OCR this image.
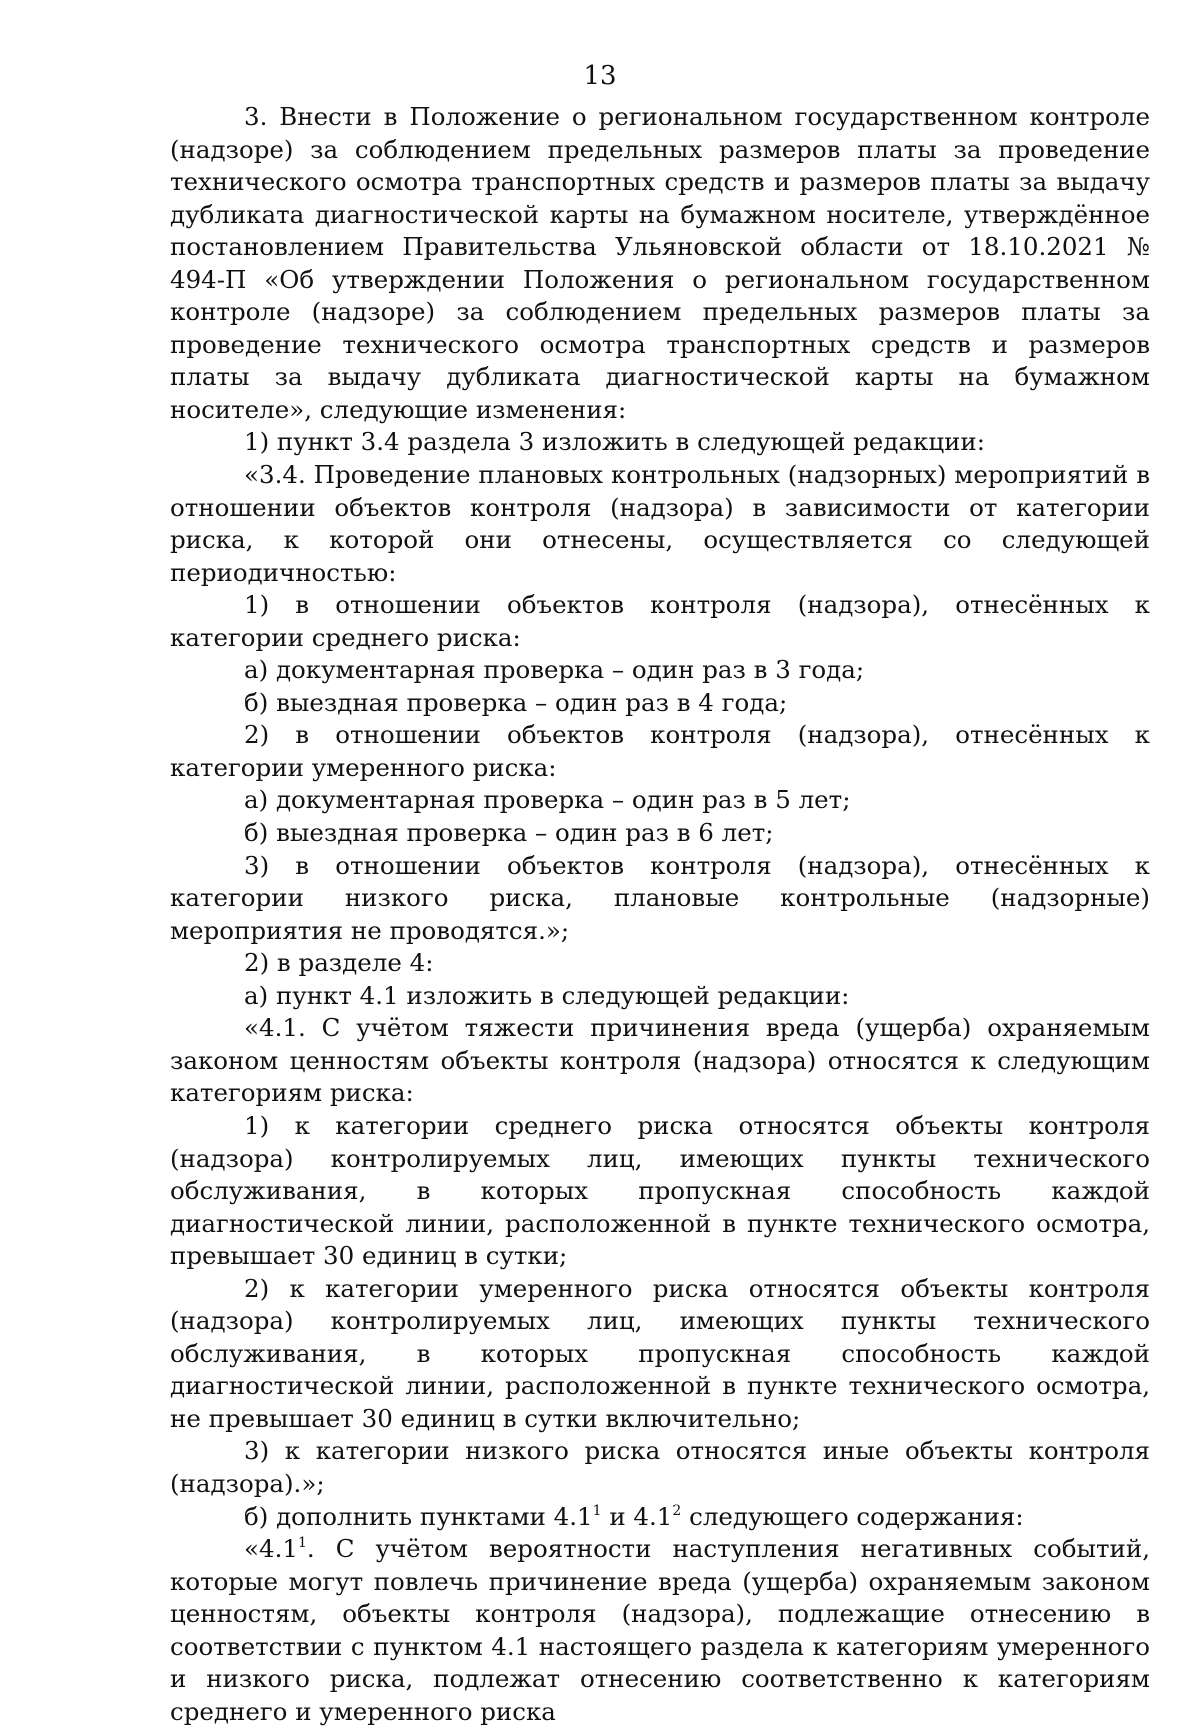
13

3. Внести в Положение о региональном государственном контроле (надзоре) за соблюдением предельных размеров платы за проведение технического осмотра транспортных средств и размеров платы за выдачу дубликата диагностической карты на бумажном носителе, утверждённое постановлением Правительства Ульяновской области от 18.10.2021 № 494-П «Об утверждении Положения о региональном государственном контроле (надзоре) за соблюдением предельных размеров платы за проведение технического осмотра транспортных средств и размеров платы за выдачу дубликата диагностической карты на бумажном носителе», следующие изменения:

1) пункт 3.4 раздела 3 изложить в следующей редакции:

«3.4. Проведение плановых контрольных (надзорных) мероприятий в отношении объектов контроля (надзора) в зависимости от категории риска, к которой они отнесены, осуществляется со следующей периодичностью:

1) в отношении объектов контроля (надзора), отнесённых к категории среднего риска:

а) документарная проверка – один раз в 3 года;

б) выездная проверка – один раз в 4 года;

2) в отношении объектов контроля (надзора), отнесённых к категории умеренного риска:

а) документарная проверка – один раз в 5 лет;

б) выездная проверка – один раз в 6 лет;

3) в отношении объектов контроля (надзора), отнесённых к категории низкого риска, плановые контрольные (надзорные) мероприятия не проводятся.»;

2) в разделе 4:

а) пункт 4.1 изложить в следующей редакции:

«4.1. С учётом тяжести причинения вреда (ущерба) охраняемым законом ценностям объекты контроля (надзора) относятся к следующим категориям риска:

1) к категории среднего риска относятся объекты контроля (надзора) контролируемых лиц, имеющих пункты технического обслуживания, в которых пропускная способность каждой диагностической линии, расположенной в пункте технического осмотра, превышает 30 единиц в сутки;

2) к категории умеренного риска относятся объекты контроля (надзора) контролируемых лиц, имеющих пункты технического обслуживания, в которых пропускная способность каждой диагностической линии, расположенной в пункте технического осмотра, не превышает 30 единиц в сутки включительно;

3) к категории низкого риска относятся иные объекты контроля (надзора).»;

б) дополнить пунктами $4.1^1$ и $4.1^2$ следующего содержания:

«$4.1^1$. С учётом вероятности наступления негативных событий, которые могут повлечь причинение вреда (ущерба) охраняемым законом ценностям, объекты контроля (надзора), подлежащие отнесению в соответствии с пунктом 4.1 настоящего раздела к категориям умеренного и низкого риска, подлежат отнесению соответственно к категориям среднего и умеренного риска
